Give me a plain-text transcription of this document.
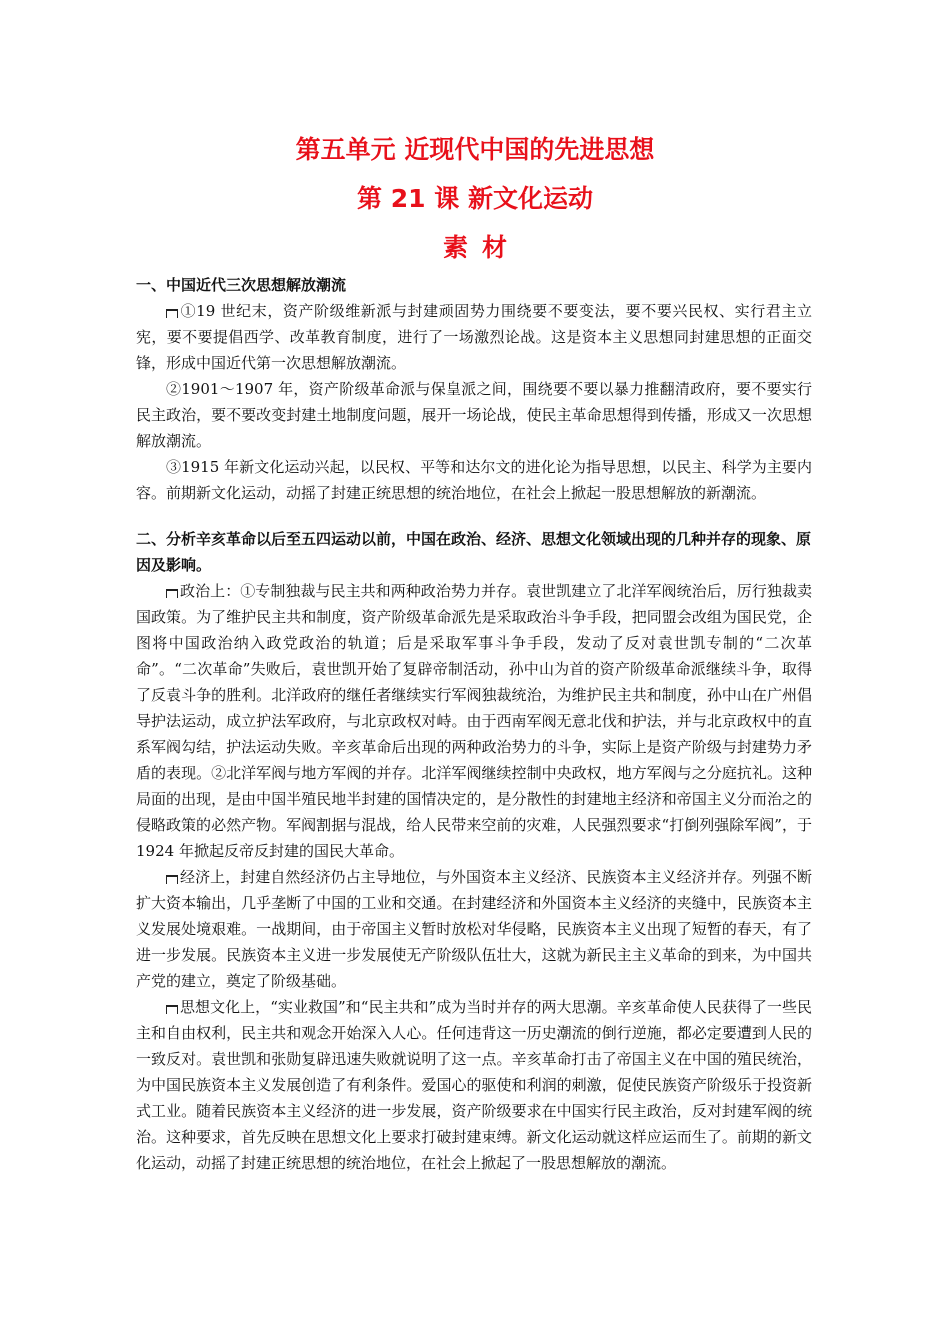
第五单元 近现代中国的先进思想
第 21 课 新文化运动
素材

一、中国近代三次思想解放潮流

①19 世纪末，资产阶级维新派与封建顽固势力围绕要不要变法，要不要兴民权、实行君主立宪，要不要提倡西学、改革教育制度，进行了一场激烈论战。这是资本主义思想同封建思想的正面交锋，形成中国近代第一次思想解放潮流。

②1901～1907 年，资产阶级革命派与保皇派之间，围绕要不要以暴力推翻清政府，要不要实行民主政治，要不要改变封建土地制度问题，展开一场论战，使民主革命思想得到传播，形成又一次思想解放潮流。

③1915 年新文化运动兴起，以民权、平等和达尔文的进化论为指导思想，以民主、科学为主要内容。前期新文化运动，动摇了封建正统思想的统治地位，在社会上掀起一股思想解放的新潮流。

二、分析辛亥革命以后至五四运动以前，中国在政治、经济、思想文化领域出现的几种并存的现象、原因及影响。

政治上：①专制独裁与民主共和两种政治势力并存。袁世凯建立了北洋军阀统治后，厉行独裁卖国政策。为了维护民主共和制度，资产阶级革命派先是采取政治斗争手段，把同盟会改组为国民党，企图将中国政治纳入政党政治的轨道；后是采取军事斗争手段，发动了反对袁世凯专制的“二次革命”。“二次革命”失败后，袁世凯开始了复辟帝制活动，孙中山为首的资产阶级革命派继续斗争，取得了反袁斗争的胜利。北洋政府的继任者继续实行军阀独裁统治，为维护民主共和制度，孙中山在广州倡导护法运动，成立护法军政府，与北京政权对峙。由于西南军阀无意北伐和护法，并与北京政权中的直系军阀勾结，护法运动失败。辛亥革命后出现的两种政治势力的斗争，实际上是资产阶级与封建势力矛盾的表现。②北洋军阀与地方军阀的并存。北洋军阀继续控制中央政权，地方军阀与之分庭抗礼。这种局面的出现，是由中国半殖民地半封建的国情决定的，是分散性的封建地主经济和帝国主义分而治之的侵略政策的必然产物。军阀割据与混战，给人民带来空前的灾难，人民强烈要求“打倒列强除军阀”，于 1924 年掀起反帝反封建的国民大革命。

经济上，封建自然经济仍占主导地位，与外国资本主义经济、民族资本主义经济并存。列强不断扩大资本输出，几乎垄断了中国的工业和交通。在封建经济和外国资本主义经济的夹缝中，民族资本主义发展处境艰难。一战期间，由于帝国主义暂时放松对华侵略，民族资本主义出现了短暂的春天，有了进一步发展。民族资本主义进一步发展使无产阶级队伍壮大，这就为新民主主义革命的到来，为中国共产党的建立，奠定了阶级基础。

思想文化上，“实业救国”和“民主共和”成为当时并存的两大思潮。辛亥革命使人民获得了一些民主和自由权利，民主共和观念开始深入人心。任何违背这一历史潮流的倒行逆施，都必定要遭到人民的一致反对。袁世凯和张勋复辟迅速失败就说明了这一点。辛亥革命打击了帝国主义在中国的殖民统治，为中国民族资本主义发展创造了有利条件。爱国心的驱使和利润的刺激，促使民族资产阶级乐于投资新式工业。随着民族资本主义经济的进一步发展，资产阶级要求在中国实行民主政治，反对封建军阀的统治。这种要求，首先反映在思想文化上要求打破封建束缚。新文化运动就这样应运而生了。前期的新文化运动，动摇了封建正统思想的统治地位，在社会上掀起了一股思想解放的潮流。
